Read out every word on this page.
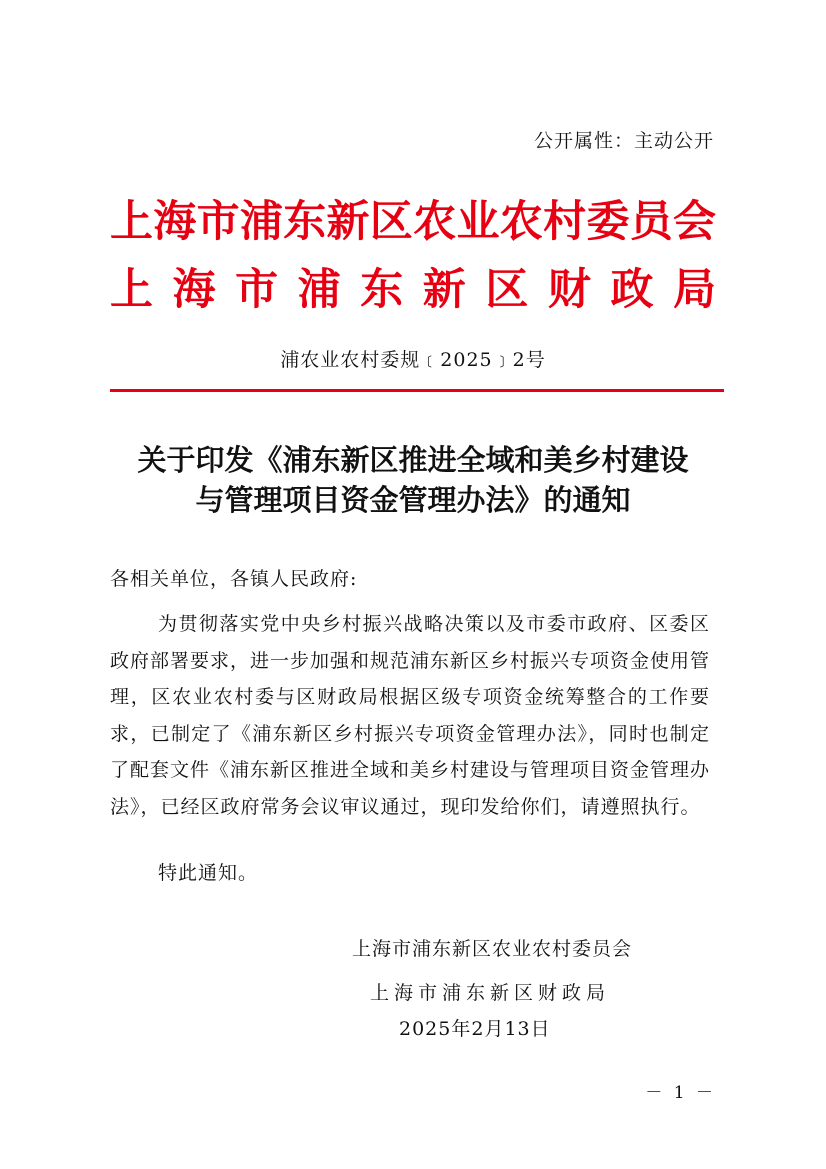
公开属性：主动公开
上海市浦东新区农业农村委员会
上海市浦东新区财政局
浦农业农村委规﹝2025﹞2号
关于印发《浦东新区推进全域和美乡村建设
与管理项目资金管理办法》的通知
各相关单位，各镇人民政府:

为贯彻落实党中央乡村振兴战略决策以及市委市政府、区委区政府部署要求，进一步加强和规范浦东新区乡村振兴专项资金使用管理，区农业农村委与区财政局根据区级专项资金统筹整合的工作要求，已制定了《浦东新区乡村振兴专项资金管理办法》，同时也制定了配套文件《浦东新区推进全域和美乡村建设与管理项目资金管理办法》，已经区政府常务会议审议通过，现印发给你们，请遵照执行。

特此通知。
上海市浦东新区农业农村委员会
上海市浦东新区财政局
2025年2月13日
－ 1 －
